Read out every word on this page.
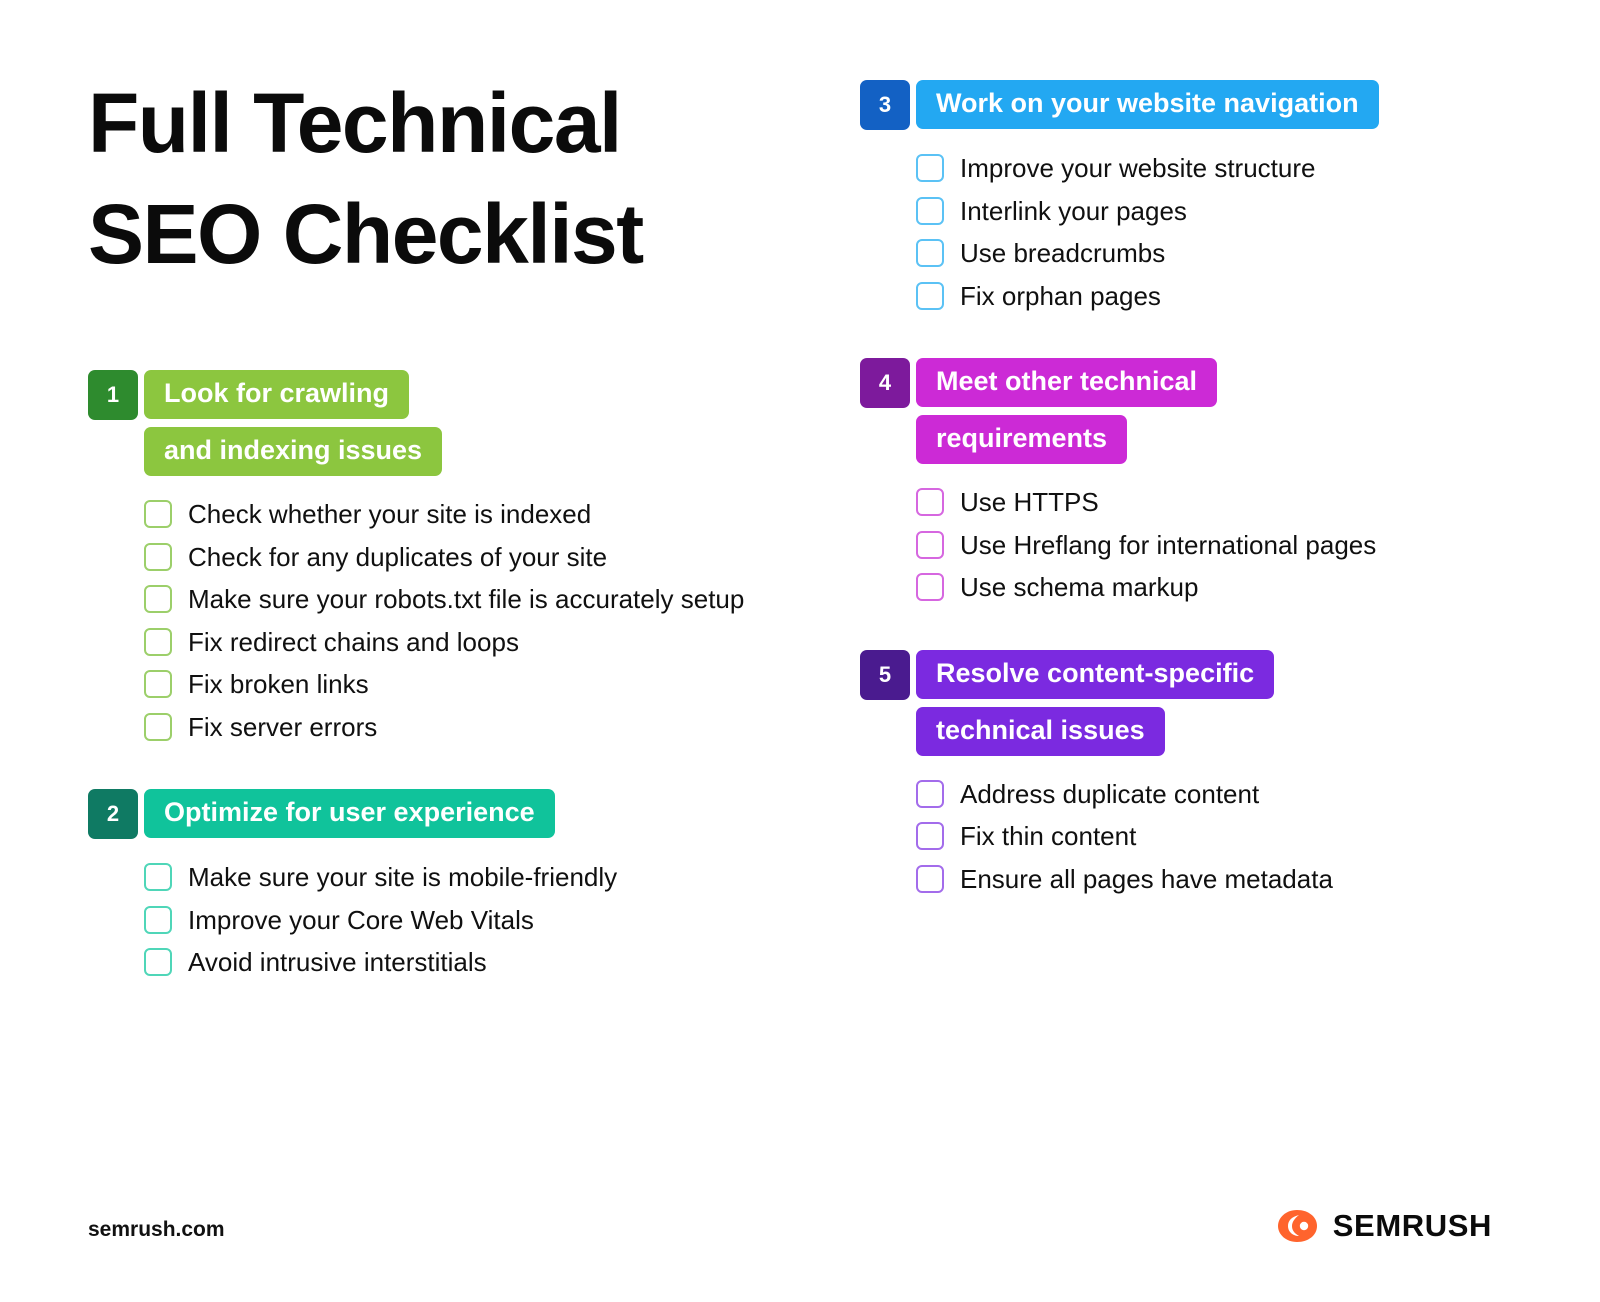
Full Technical
SEO Checklist
1	Look for crawling
and indexing issues
Check whether your site is indexed
Check for any duplicates of your site
Make sure your robots.txt file is accurately setup
Fix redirect chains and loops
Fix broken links
Fix server errors
2	Optimize for user experience
Make sure your site is mobile-friendly
Improve your Core Web Vitals
Avoid intrusive interstitials
3	Work on your website navigation
Improve your website structure
Interlink your pages
Use breadcrumbs
Fix orphan pages
4	Meet other technical
requirements
Use HTTPS
Use Hreflang for international pages
Use schema markup
5	Resolve content-specific
technical issues
Address duplicate content
Fix thin content
Ensure all pages have metadata
semrush.com	SEMRUSH
